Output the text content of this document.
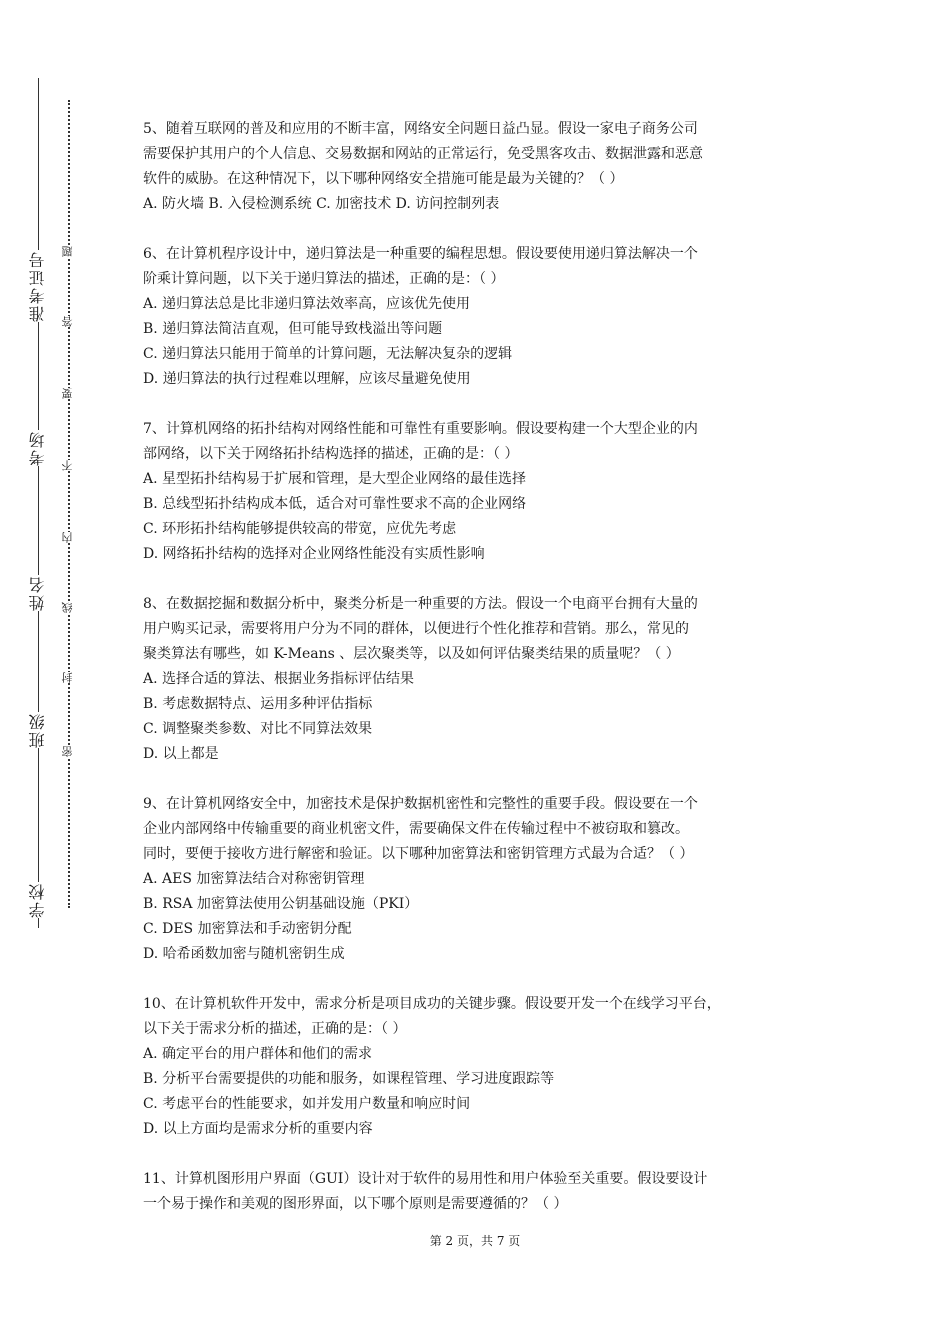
准考证号
考场
姓名
班级
学校
题
答
要
不
内
线
封
密

5、随着互联网的普及和应用的不断丰富，网络安全问题日益凸显。假设一家电子商务公司

需要保护其用户的个人信息、交易数据和网站的正常运行，免受黑客攻击、数据泄露和恶意

软件的威胁。在这种情况下，以下哪种网络安全措施可能是最为关键的？（ ）

A. 防火墙 B. 入侵检测系统 C. 加密技术 D. 访问控制列表

6、在计算机程序设计中，递归算法是一种重要的编程思想。假设要使用递归算法解决一个

阶乘计算问题，以下关于递归算法的描述，正确的是：（ ）

A. 递归算法总是比非递归算法效率高，应该优先使用

B. 递归算法简洁直观，但可能导致栈溢出等问题

C. 递归算法只能用于简单的计算问题，无法解决复杂的逻辑

D. 递归算法的执行过程难以理解，应该尽量避免使用

7、计算机网络的拓扑结构对网络性能和可靠性有重要影响。假设要构建一个大型企业的内

部网络，以下关于网络拓扑结构选择的描述，正确的是：（ ）

A. 星型拓扑结构易于扩展和管理，是大型企业网络的最佳选择

B. 总线型拓扑结构成本低，适合对可靠性要求不高的企业网络

C. 环形拓扑结构能够提供较高的带宽，应优先考虑

D. 网络拓扑结构的选择对企业网络性能没有实质性影响

8、在数据挖掘和数据分析中，聚类分析是一种重要的方法。假设一个电商平台拥有大量的

用户购买记录，需要将用户分为不同的群体，以便进行个性化推荐和营销。那么，常见的

聚类算法有哪些，如 K-Means 、层次聚类等，以及如何评估聚类结果的质量呢？（ ）

A. 选择合适的算法、根据业务指标评估结果

B. 考虑数据特点、运用多种评估指标

C. 调整聚类参数、对比不同算法效果

D. 以上都是

9、在计算机网络安全中，加密技术是保护数据机密性和完整性的重要手段。假设要在一个

企业内部网络中传输重要的商业机密文件，需要确保文件在传输过程中不被窃取和篡改。

同时，要便于接收方进行解密和验证。以下哪种加密算法和密钥管理方式最为合适？（ ）

A. AES 加密算法结合对称密钥管理

B. RSA 加密算法使用公钥基础设施（PKI）

C. DES 加密算法和手动密钥分配

D. 哈希函数加密与随机密钥生成

10、在计算机软件开发中，需求分析是项目成功的关键步骤。假设要开发一个在线学习平台，

以下关于需求分析的描述，正确的是：（ ）

A. 确定平台的用户群体和他们的需求

B. 分析平台需要提供的功能和服务，如课程管理、学习进度跟踪等

C. 考虑平台的性能要求，如并发用户数量和响应时间

D. 以上方面均是需求分析的重要内容

11、计算机图形用户界面（GUI）设计对于软件的易用性和用户体验至关重要。假设要设计

一个易于操作和美观的图形界面，以下哪个原则是需要遵循的？（ ）

第 2 页，共 7 页
